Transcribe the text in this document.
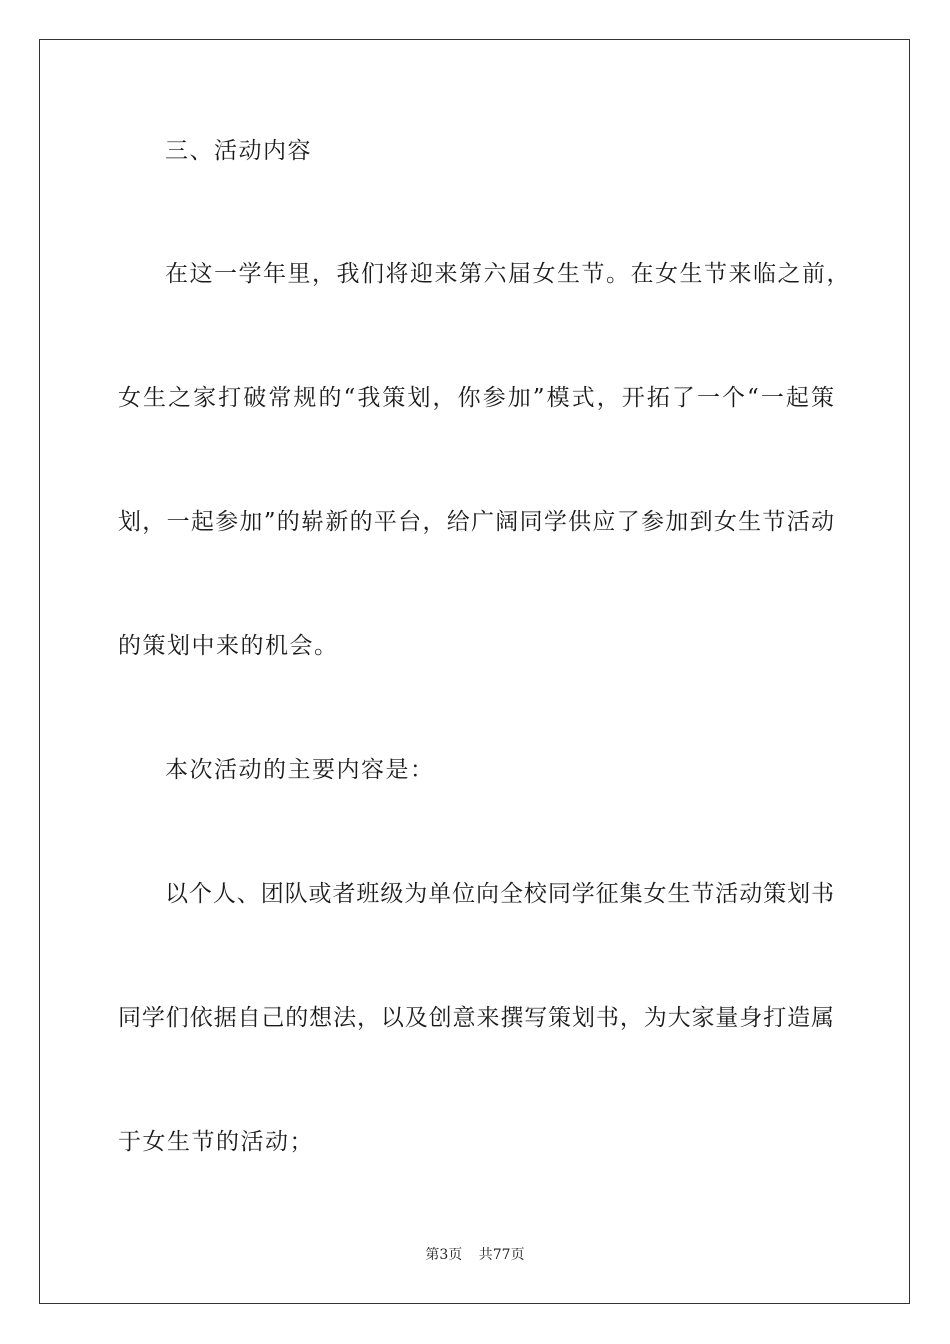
三、活动内容
在这一学年里，我们将迎来第六届女生节。在女生节来临之前，
女生之家打破常规的“我策划，你参加”模式，开拓了一个“一起策
划，一起参加”的崭新的平台，给广阔同学供应了参加到女生节活动
的策划中来的机会。
本次活动的主要内容是：
以个人、团队或者班级为单位向全校同学征集女生节活动策划书
同学们依据自己的想法，以及创意来撰写策划书，为大家量身打造属
于女生节的活动；
第3页 共77页
